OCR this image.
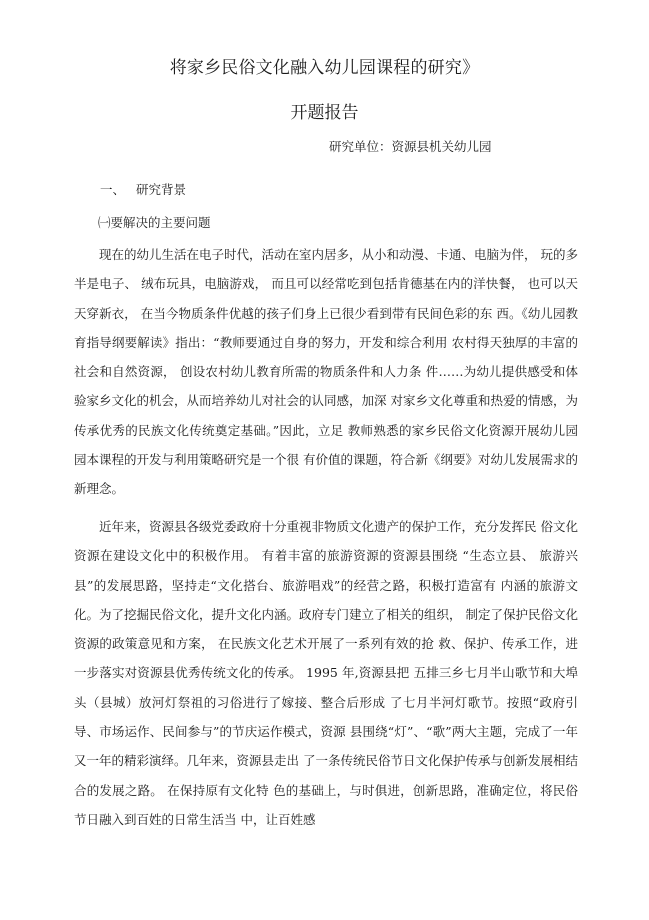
将家乡民俗文化融入幼儿园课程的研究》
开题报告
研究单位：资源县机关幼儿园
一、 研究背景
㈠要解决的主要问题

现在的幼儿生活在电子时代，活动在室内居多，从小和动漫、卡通、电脑为伴， 玩的多半是电子、 绒布玩具，电脑游戏， 而且可以经常吃到包括肯德基在内的洋快餐， 也可以天天穿新衣， 在当今物质条件优越的孩子们身上已很少看到带有民间色彩的东 西。《幼儿园教育指导纲要解读》指出：“教师要通过自身的努力，开发和综合利用 农村得天独厚的丰富的社会和自然资源， 创设农村幼儿教育所需的物质条件和人力条 件……为幼儿提供感受和体验家乡文化的机会，从而培养幼儿对社会的认同感，加深 对家乡文化尊重和热爱的情感，为传承优秀的民族文化传统奠定基础。”因此，立足 教师熟悉的家乡民俗文化资源开展幼儿园园本课程的开发与利用策略研究是一个很 有价值的课题，符合新《纲要》对幼儿发展需求的新理念。

近年来，资源县各级党委政府十分重视非物质文化遗产的保护工作，充分发挥民 俗文化资源在建设文化中的积极作用。 有着丰富的旅游资源的资源县围绕 “生态立县、 旅游兴县”的发展思路，坚持走“文化搭台、旅游唱戏”的经营之路，积极打造富有 内涵的旅游文化。为了挖掘民俗文化，提升文化内涵。政府专门建立了相关的组织， 制定了保护民俗文化资源的政策意见和方案， 在民族文化艺术开展了一系列有效的抢 救、保护、传承工作，进一步落实对资源县优秀传统文化的传承。 1995 年,资源县把 五排三乡七月半山歌节和大埠头（县城）放河灯祭祖的习俗进行了嫁接、整合后形成 了七月半河灯歌节。按照“政府引导、市场运作、民间参与”的节庆运作模式，资源 县围绕“灯”、“歌”两大主题，完成了一年又一年的精彩演绎。几年来，资源县走出 了一条传统民俗节日文化保护传承与创新发展相结合的发展之路。 在保持原有文化特 色的基础上，与时俱进，创新思路，准确定位，将民俗节日融入到百姓的日常生活当 中，让百姓感
